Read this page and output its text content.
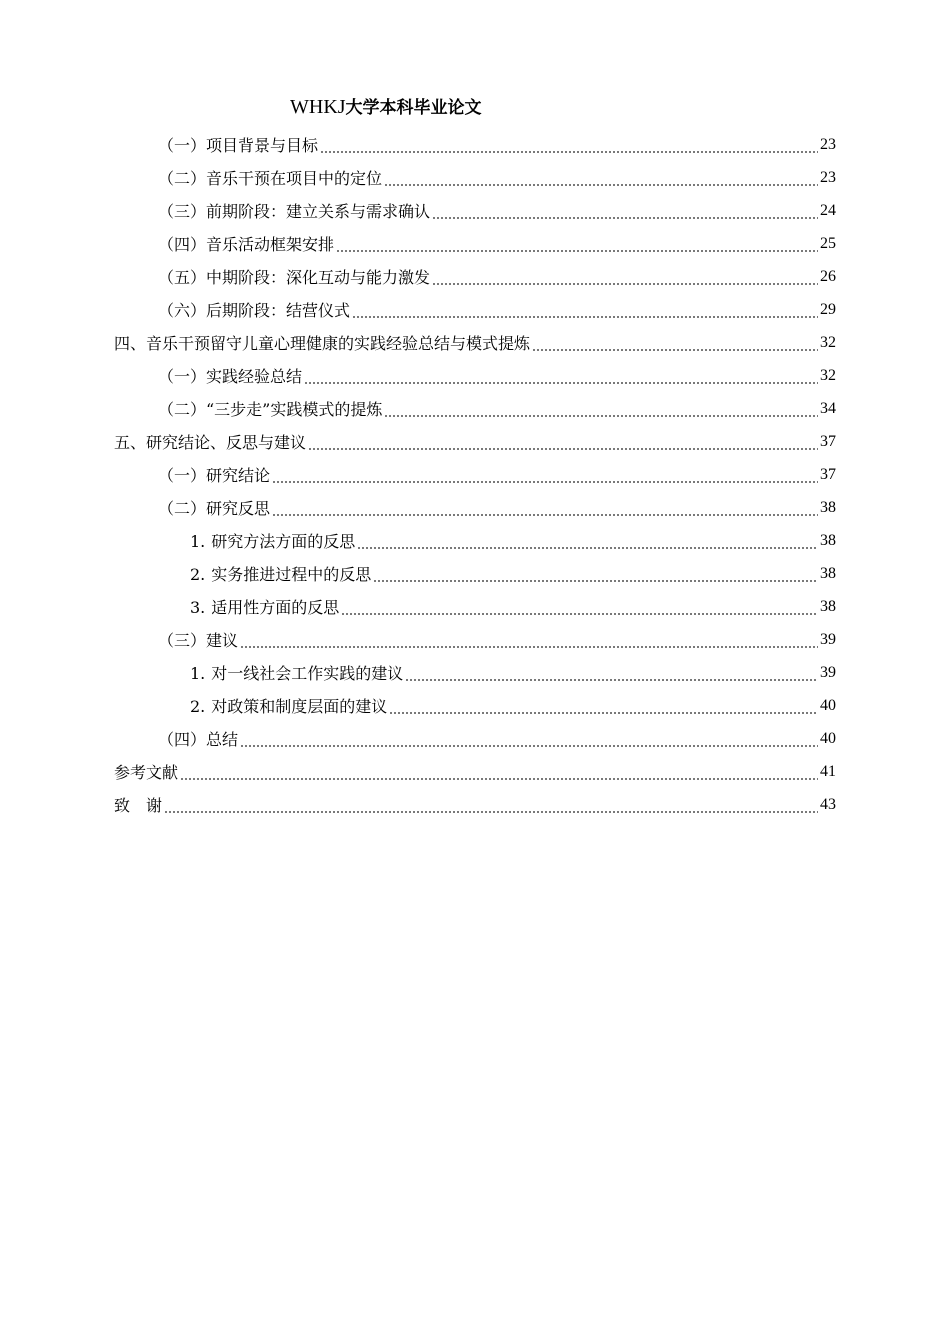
WHKJ大学本科毕业论文
（一）项目背景与目标	23
（二）音乐干预在项目中的定位	23
（三）前期阶段：建立关系与需求确认	24
（四）音乐活动框架安排	25
（五）中期阶段：深化互动与能力激发	26
（六）后期阶段：结营仪式	29
四、音乐干预留守儿童心理健康的实践经验总结与模式提炼	32
（一）实践经验总结	32
（二）“三步走”实践模式的提炼	34
五、研究结论、反思与建议	37
（一）研究结论	37
（二）研究反思	38
1. 研究方法方面的反思	38
2. 实务推进过程中的反思	38
3. 适用性方面的反思	38
（三）建议	39
1. 对一线社会工作实践的建议	39
2. 对政策和制度层面的建议	40
（四）总结	40
参考文献	41
致　谢	43
